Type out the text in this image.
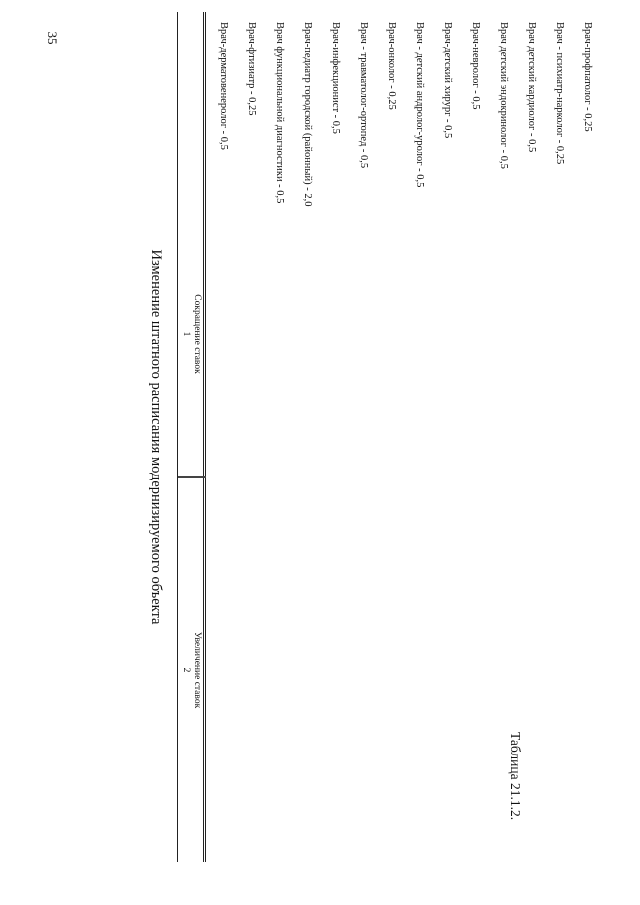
35
Таблица 21.1.2.
Изменение штатного расписания модернизируемого объекта	Сокращение ставок
Увеличение ставок
1
2
Врач-дерматовенеролог - 0,5 Врач-фтизиатр - 0,25 Врач функциональной диагностики - 0,5 Врач-педиатр городской (районный) - 2,0 Врач-инфекционист - 0,5 Врач - травматолог-ортопед - 0,5 Врач-онколог - 0,25 Врач - детский андролог-уролог - 0,5 Врач-детский хирург - 0,5 Врач-невролог - 0,5 Врач детский эндокринолог - 0,5 Врач детский кардиолог - 0,5 Врач - психиатр-нарколог - 0,25 Врач-профпатолог - 0,25
